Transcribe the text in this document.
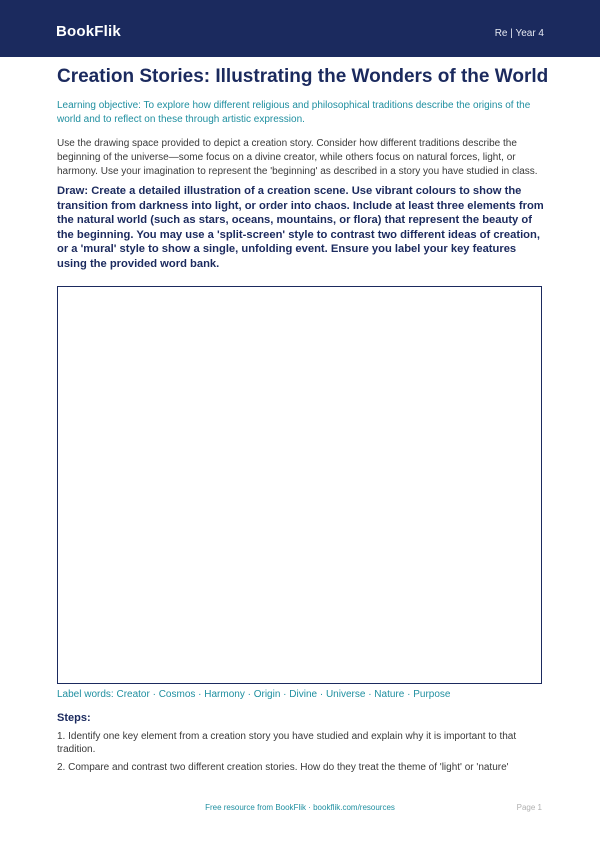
BookFlik	Re | Year 4
Creation Stories: Illustrating the Wonders of the World

Learning objective: To explore how different religious and philosophical traditions describe the origins of the world and to reflect on these through artistic expression.

Use the drawing space provided to depict a creation story. Consider how different traditions describe the beginning of the universe—some focus on a divine creator, while others focus on natural forces, light, or harmony. Use your imagination to represent the 'beginning' as described in a story you have studied in class.

Draw: Create a detailed illustration of a creation scene. Use vibrant colours to show the transition from darkness into light, or order into chaos. Include at least three elements from the natural world (such as stars, oceans, mountains, or flora) that represent the beauty of the beginning. You may use a 'split-screen' style to contrast two different ideas of creation, or a 'mural' style to show a single, unfolding event. Ensure you label your key features using the provided word bank.

Label words: Creator · Cosmos · Harmony · Origin · Divine · Universe · Nature · Purpose

Steps:

1. Identify one key element from a creation story you have studied and explain why it is important to that tradition.
2. Compare and contrast two different creation stories. How do they treat the theme of 'light' or 'nature'
Free resource from BookFlik · bookflik.com/resources	Page 1
